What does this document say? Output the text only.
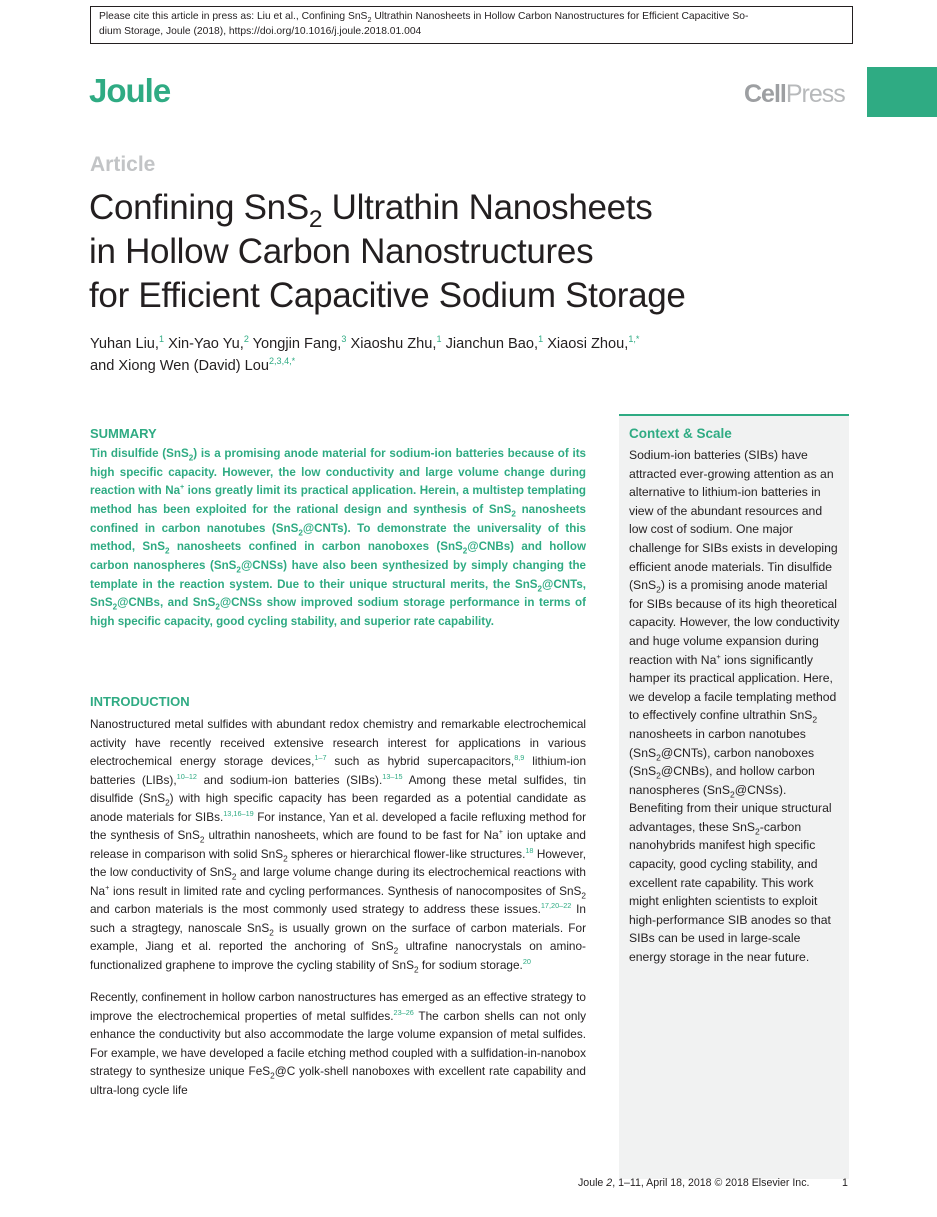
Please cite this article in press as: Liu et al., Confining SnS$_2$ Ultrathin Nanosheets in Hollow Carbon Nanostructures for Efficient Capacitive So-
dium Storage, Joule (2018), https://doi.org/10.1016/j.joule.2018.01.004
Joule	CellPress
Article
Confining SnS$_2$ Ultrathin Nanosheets
in Hollow Carbon Nanostructures
for Efficient Capacitive Sodium Storage
Yuhan Liu,$^1$ Xin-Yao Yu,$^2$ Yongjin Fang,$^3$ Xiaoshu Zhu,$^1$ Jianchun Bao,$^1$ Xiaosi Zhou,$^{1,*}$
and Xiong Wen (David) Lou$^{2,3,4,*}$
SUMMARY

Tin disulfide (SnS$_2$) is a promising anode material for sodium-ion batteries because of its high specific capacity. However, the low conductivity and large volume change during reaction with Na+ ions greatly limit its practical application. Herein, a multistep templating method has been exploited for the rational design and synthesis of SnS$_2$ nanosheets confined in carbon nanotubes (SnS$_2$@CNTs). To demonstrate the universality of this method, SnS$_2$ nanosheets confined in carbon nanoboxes (SnS$_2$@CNBs) and hollow carbon nanospheres (SnS$_2$@CNSs) have also been synthesized by simply changing the template in the reaction system. Due to their unique structural merits, the SnS$_2$@CNTs, SnS$_2$@CNBs, and SnS$_2$@CNSs show improved sodium storage performance in terms of high specific capacity, good cycling stability, and superior rate capability.

INTRODUCTION

Nanostructured metal sulfides with abundant redox chemistry and remarkable electrochemical activity have recently received extensive research interest for applications in various electrochemical energy storage devices,$^{1-7}$ such as hybrid supercapacitors,$^{8,9}$ lithium-ion batteries (LIBs),$^{10-12}$ and sodium-ion batteries (SIBs).$^{13-15}$ Among these metal sulfides, tin disulfide (SnS$_2$) with high specific capacity has been regarded as a potential candidate as anode materials for SIBs.$^{13,16-19}$ For instance, Yan et al. developed a facile refluxing method for the synthesis of SnS$_2$ ultrathin nanosheets, which are found to be fast for Na+ ion uptake and release in comparison with solid SnS$_2$ spheres or hierarchical flower-like structures.$^{18}$ However, the low conductivity of SnS$_2$ and large volume change during its electrochemical reactions with Na+ ions result in limited rate and cycling performances. Synthesis of nanocomposites of SnS$_2$ and carbon materials is the most commonly used strategy to address these issues.$^{17,20-22}$ In such a stragtegy, nanoscale SnS$_2$ is usually grown on the surface of carbon materials. For example, Jiang et al. reported the anchoring of SnS$_2$ ultrafine nanocrystals on amino-functionalized graphene to improve the cycling stability of SnS$_2$ for sodium storage.$^{20}$

Recently, confinement in hollow carbon nanostructures has emerged as an effective strategy to improve the electrochemical properties of metal sulfides.$^{23-26}$ The carbon shells can not only enhance the conductivity but also accommodate the large volume expansion of metal sulfides. For example, we have developed a facile etching method coupled with a sulfidation-in-nanobox strategy to synthesize unique FeS$_2$@C yolk-shell nanoboxes with excellent rate capability and ultra-long cycle life

Context & Scale

Sodium-ion batteries (SIBs) have attracted ever-growing attention as an alternative to lithium-ion batteries in view of the abundant resources and low cost of sodium. One major challenge for SIBs exists in developing efficient anode materials. Tin disulfide (SnS$_2$) is a promising anode material for SIBs because of its high theoretical capacity. However, the low conductivity and huge volume expansion during reaction with Na+ ions significantly hamper its practical application. Here, we develop a facile templating method to effectively confine ultrathin SnS$_2$ nanosheets in carbon nanotubes (SnS$_2$@CNTs), carbon nanoboxes (SnS$_2$@CNBs), and hollow carbon nanospheres (SnS$_2$@CNSs). Benefiting from their unique structural advantages, these SnS$_2$-carbon nanohybrids manifest high specific capacity, good cycling stability, and excellent rate capability. This work might enlighten scientists to exploit high-performance SIB anodes so that SIBs can be used in large-scale energy storage in the near future.

Joule 2, 1–11, April 18, 2018 © 2018 Elsevier Inc.	1
